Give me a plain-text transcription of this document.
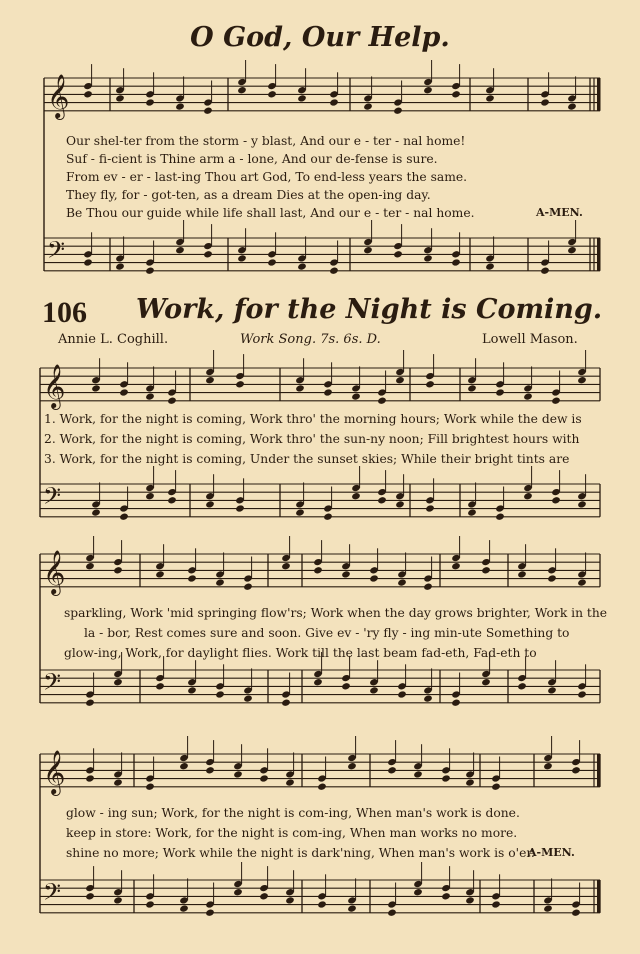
𝄞
𝄢
𝄞
𝄢
𝄞
𝄢
𝄞
𝄢
O God, Our Help.
Our shel-ter from the storm - y blast, And our e - ter - nal home!
Suf - fi-cient is Thine arm a - lone, And our de-fense is sure.
From ev - er - last-ing Thou art God, To end-less years the same.
They fly, for - got-ten, as a dream Dies at the open-ing day.
Be Thou our guide while life shall last, And our e - ter - nal home.	A-MEN.
106 Work, for the Night is Coming.
Annie L. Coghill.	Work Song. 7s. 6s. D.	Lowell Mason.
1. Work, for the night is coming, Work thro' the morning hours; Work while the dew is
2. Work, for the night is coming, Work thro' the sun-ny noon; Fill brightest hours with
3. Work, for the night is coming, Under the sunset skies; While their bright tints are
sparkling, Work 'mid springing flow'rs; Work when the day grows brighter, Work in the
la - bor, Rest comes sure and soon. Give ev - 'ry fly - ing min-ute Something to
glow-ing, Work, for daylight flies. Work till the last beam fad-eth, Fad-eth to
glow - ing sun; Work, for the night is com-ing, When man's work is done.
keep in store: Work, for the night is com-ing, When man works no more.
shine no more; Work while the night is dark'ning, When man's work is o'er.
A-MEN.
